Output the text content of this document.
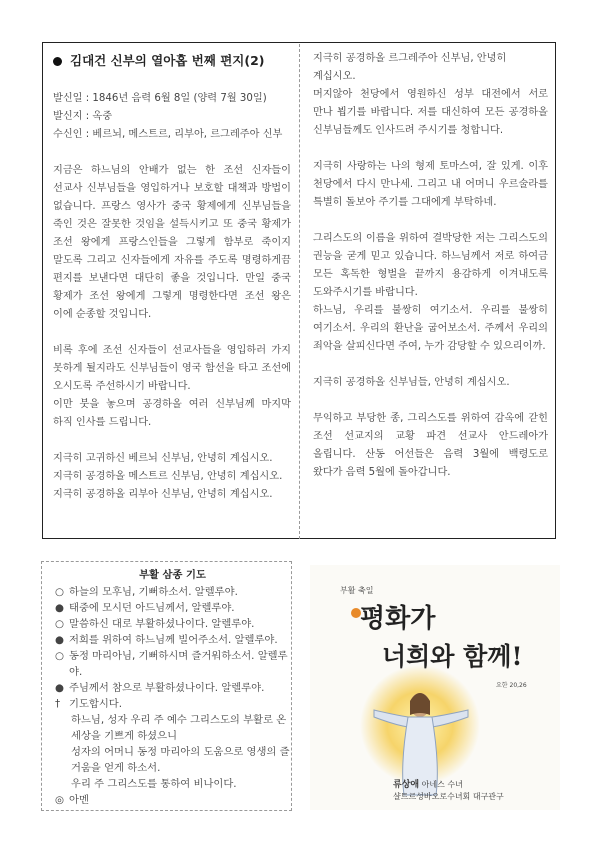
김대건 신부의 열아홉 번째 편지(2)

발신일 : 1846년 음력 6월 8일 (양력 7월 30일)

발신지 : 옥중

수신인 : 베르뇌, 메스트르, 리부아, 르그레주아 신부

지금은 하느님의 안배가 없는 한 조선 신자들이 선교사 신부님들을 영입하거나 보호할 대책과 방법이 없습니다. 프랑스 영사가 중국 황제에게 신부님들을 죽인 것은 잘못한 것임을 설득시키고 또 중국 황제가 조선 왕에게 프랑스인들을 그렇게 함부로 죽이지 말도록 그리고 신자들에게 자유를 주도록 명령하게끔 편지를 보낸다면 대단히 좋을 것입니다. 만일 중국 황제가 조선 왕에게 그렇게 명령한다면 조선 왕은 이에 순종할 것입니다.

비록 후에 조선 신자들이 선교사들을 영입하러 가지 못하게 될지라도 신부님들이 영국 함선을 타고 조선에 오시도록 주선하시기 바랍니다.

이만 붓을 놓으며 공경하올 여러 신부님께 마지막 하직 인사를 드립니다.

지극히 고귀하신 베르뇌 신부님, 안녕히 계십시오.

지극히 공경하올 메스트르 신부님, 안녕히 계십시오.

지극히 공경하올 리부아 신부님, 안녕히 계십시오.

지극히 공경하올 르그레주아 신부님, 안녕히 계십시오.

머지않아 천당에서 영원하신 성부 대전에서 서로 만나 뵙기를 바랍니다. 저를 대신하여 모든 공경하올 신부님들께도 인사드려 주시기를 청합니다.

지극히 사랑하는 나의 형제 토마스여, 잘 있게. 이후 천당에서 다시 만나세. 그리고 내 어머니 우르술라를 특별히 돌보아 주기를 그대에게 부탁하네.

그리스도의 이름을 위하여 결박당한 저는 그리스도의 권능을 굳게 믿고 있습니다. 하느님께서 저로 하여금 모든 혹독한 형벌을 끝까지 용감하게 이겨내도록 도와주시기를 바랍니다.

하느님, 우리를 불쌍히 여기소서. 우리를 불쌍히 여기소서. 우리의 환난을 굽어보소서. 주께서 우리의 죄악을 살피신다면 주여, 누가 감당할 수 있으리이까.

지극히 공경하올 신부님들, 안녕히 계십시오.

무익하고 부당한 종, 그리스도를 위하여 감옥에 갇힌 조선 선교지의 교황 파견 선교사 안드레아가 올립니다. 산동 어선들은 음력 3월에 백령도로 왔다가 음력 5월에 돌아갑니다.

부활 삼종 기도
○ 하늘의 모후님, 기뻐하소서. 알렐루야.
● 태중에 모시던 아드님께서, 알렐루야.
○ 말씀하신 대로 부활하셨나이다. 알렐루야.
● 저희를 위하여 하느님께 빌어주소서. 알렐루야.
○ 동정 마리아님, 기뻐하시며 즐거워하소서. 알렐루야.
● 주님께서 참으로 부활하셨나이다. 알렐루야.
† 기도합시다.
하느님, 성자 우리 주 예수 그리스도의 부활로 온 세상을 기쁘게 하셨으니
성자의 어머니 동정 마리아의 도움으로 영생의 즐거움을 얻게 하소서.
우리 주 그리스도를 통하여 비나이다.
◎ 아멘
부활 축일
평화가
너희와 함께!
요한 20,26
류상애 아네스 수녀
샬트르성바오로수녀회 대구관구
